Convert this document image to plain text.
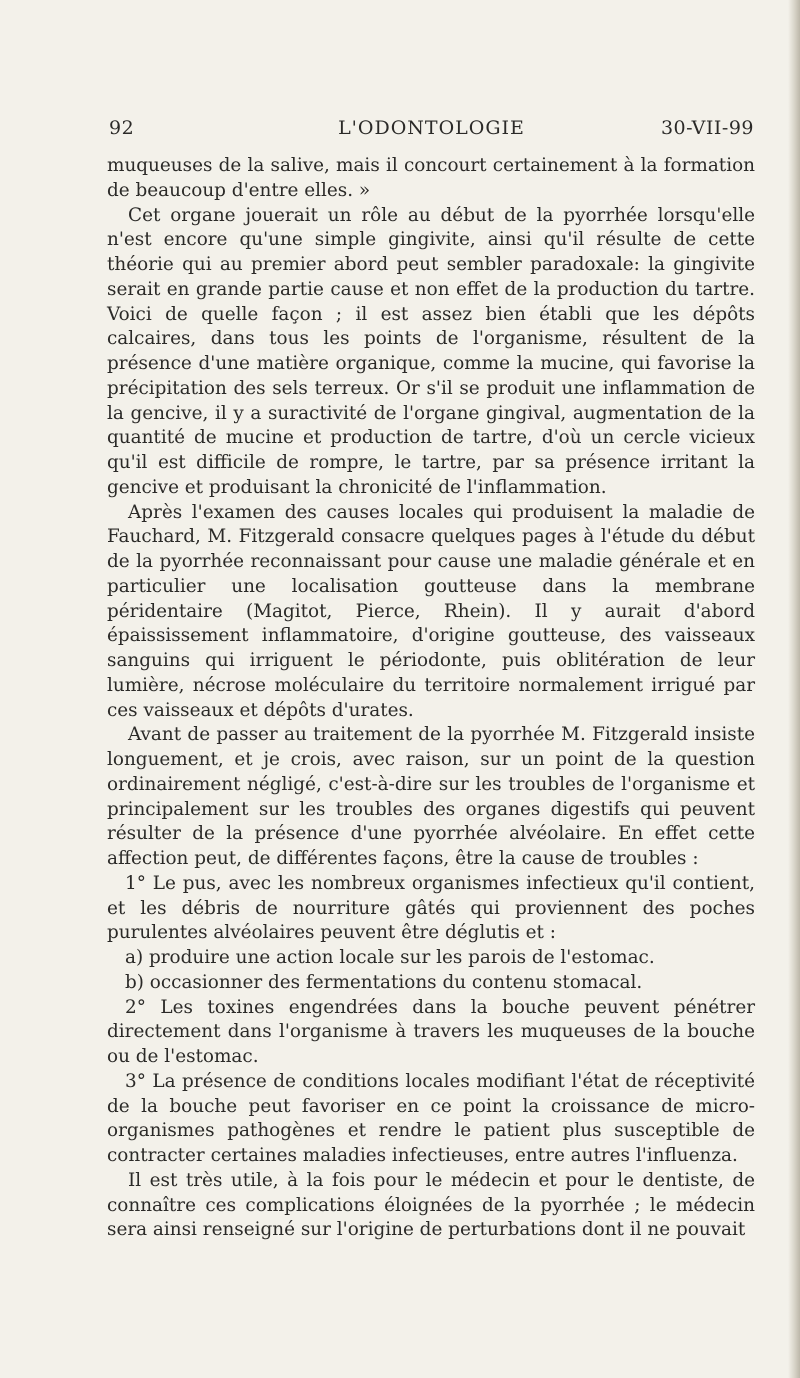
92	L'ODONTOLOGIE	30-VII-99

muqueuses de la salive, mais il concourt certainement à la formation de beaucoup d'entre elles. »

Cet organe jouerait un rôle au début de la pyorrhée lorsqu'elle n'est encore qu'une simple gingivite, ainsi qu'il résulte de cette théorie qui au premier abord peut sembler paradoxale: la gingivite serait en grande partie cause et non effet de la production du tartre. Voici de quelle façon ; il est assez bien établi que les dépôts calcaires, dans tous les points de l'organisme, résultent de la présence d'une matière organique, comme la mucine, qui favorise la précipitation des sels terreux. Or s'il se produit une inflammation de la gencive, il y a suractivité de l'organe gingival, augmentation de la quantité de mucine et production de tartre, d'où un cercle vicieux qu'il est difficile de rompre, le tartre, par sa présence irritant la gencive et produisant la chronicité de l'inflammation.

Après l'examen des causes locales qui produisent la maladie de Fauchard, M. Fitzgerald consacre quelques pages à l'étude du début de la pyorrhée reconnaissant pour cause une maladie générale et en particulier une localisation goutteuse dans la membrane péridentaire (Magitot, Pierce, Rhein). Il y aurait d'abord épaississement inflammatoire, d'origine goutteuse, des vaisseaux sanguins qui irriguent le périodonte, puis oblitération de leur lumière, nécrose moléculaire du territoire normalement irrigué par ces vaisseaux et dépôts d'urates.

Avant de passer au traitement de la pyorrhée M. Fitzgerald insiste longuement, et je crois, avec raison, sur un point de la question ordinairement négligé, c'est-à-dire sur les troubles de l'organisme et principalement sur les troubles des organes digestifs qui peuvent résulter de la présence d'une pyorrhée alvéolaire. En effet cette affection peut, de différentes façons, être la cause de troubles :

1° Le pus, avec les nombreux organismes infectieux qu'il contient, et les débris de nourriture gâtés qui proviennent des poches purulentes alvéolaires peuvent être déglutis et :

a) produire une action locale sur les parois de l'estomac.

b) occasionner des fermentations du contenu stomacal.

2° Les toxines engendrées dans la bouche peuvent pénétrer directement dans l'organisme à travers les muqueuses de la bouche ou de l'estomac.

3° La présence de conditions locales modifiant l'état de réceptivité de la bouche peut favoriser en ce point la croissance de micro-organismes pathogènes et rendre le patient plus susceptible de contracter certaines maladies infectieuses, entre autres l'influenza.

Il est très utile, à la fois pour le médecin et pour le dentiste, de connaître ces complications éloignées de la pyorrhée ; le médecin sera ainsi renseigné sur l'origine de perturbations dont il ne pouvait
